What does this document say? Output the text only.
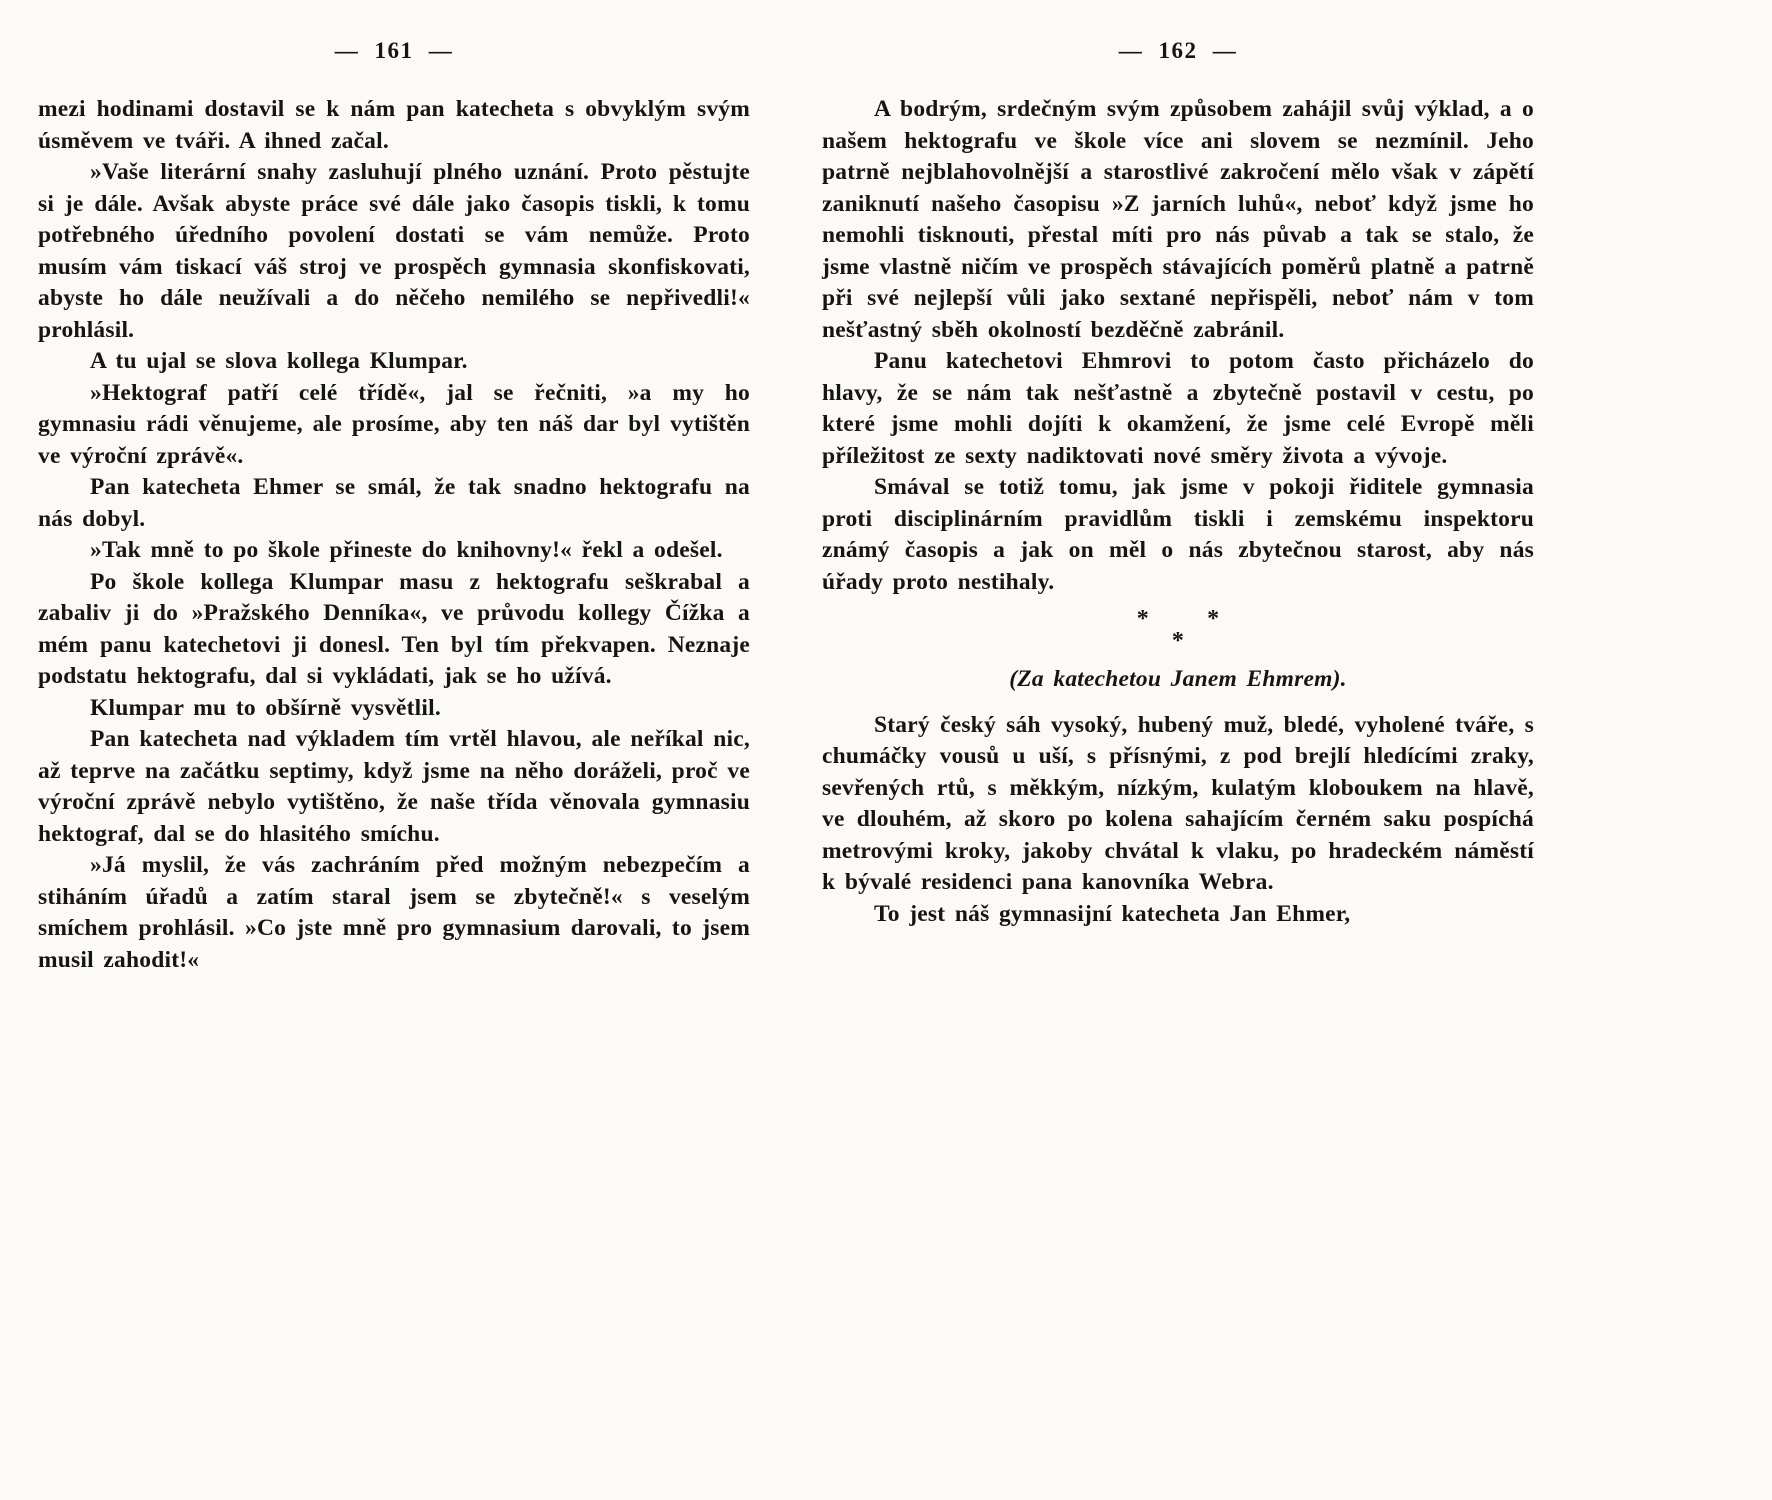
— 161 —

mezi hodinami dostavil se k nám pan katecheta s obvyklým svým úsměvem ve tváři. A ihned začal.

»Vaše literární snahy zasluhují plného uznání. Proto pěstujte si je dále. Avšak abyste práce své dále jako časopis tiskli, k tomu potřebného úředního povolení dostati se vám nemůže. Proto musím vám tiskací váš stroj ve prospěch gymnasia skonfiskovati, abyste ho dále neužívali a do něčeho nemilého se nepřivedli!« prohlásil.

A tu ujal se slova kollega Klumpar.

»Hektograf patří celé třídě«, jal se řečniti, »a my ho gymnasiu rádi věnujeme, ale prosíme, aby ten náš dar byl vytištěn ve výroční zprávě«.

Pan katecheta Ehmer se smál, že tak snadno hektografu na nás dobyl.

»Tak mně to po škole přineste do knihovny!« řekl a odešel.

Po škole kollega Klumpar masu z hektografu seškrabal a zabaliv ji do »Pražského Denníka«, ve průvodu kollegy Čížka a mém panu katechetovi ji donesl. Ten byl tím překvapen. Neznaje podstatu hektografu, dal si vykládati, jak se ho užívá.

Klumpar mu to obšírně vysvětlil.

Pan katecheta nad výkladem tím vrtěl hlavou, ale neříkal nic, až teprve na začátku septimy, když jsme na něho doráželi, proč ve výroční zprávě nebylo vytištěno, že naše třída věnovala gymnasiu hektograf, dal se do hlasitého smíchu.

»Já myslil, že vás zachráním před možným nebezpečím a stiháním úřadů a zatím staral jsem se zbytečně!« s veselým smíchem prohlásil. »Co jste mně pro gymnasium darovali, to jsem musil zahodit!«

— 162 —

A bodrým, srdečným svým způsobem zahájil svůj výklad, a o našem hektografu ve škole více ani slovem se nezmínil. Jeho patrně nejblahovolnější a starostlivé zakročení mělo však v zápětí zaniknutí našeho časopisu »Z jarních luhů«, neboť když jsme ho nemohli tisknouti, přestal míti pro nás půvab a tak se stalo, že jsme vlastně ničím ve prospěch stávajících poměrů platně a patrně při své nejlepší vůli jako sextané nepřispěli, neboť nám v tom nešťastný sběh okolností bezděčně zabránil.

Panu katechetovi Ehmrovi to potom často přicházelo do hlavy, že se nám tak nešťastně a zbytečně postavil v cestu, po které jsme mohli dojíti k okamžení, že jsme celé Evropě měli příležitost ze sexty nadiktovati nové směry života a vývoje.

Smával se totiž tomu, jak jsme v pokoji řiditele gymnasia proti disciplinárním pravidlům tiskli i zemskému inspektoru známý časopis a jak on měl o nás zbytečnou starost, aby nás úřady proto nestihaly.

*      *
*

(Za katechetou Janem Ehmrem).

Starý český sáh vysoký, hubený muž, bledé, vyholené tváře, s chumáčky vousů u uší, s přísnými, z pod brejlí hledícími zraky, sevřených rtů, s měkkým, nízkým, kulatým kloboukem na hlavě, ve dlouhém, až skoro po kolena sahajícím černém saku pospíchá metrovými kroky, jakoby chvátal k vlaku, po hradeckém náměstí k bývalé residenci pana kanovníka Webra.

To jest náš gymnasijní katecheta Jan Ehmer,
